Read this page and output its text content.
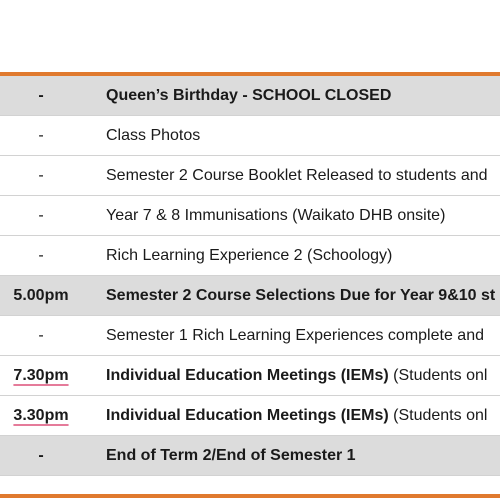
-	Queen’s Birthday - SCHOOL CLOSED
-	Class Photos
-	Semester 2 Course Booklet Released to students and
-	Year 7 & 8 Immunisations (Waikato DHB onsite)
-	Rich Learning Experience 2 (Schoology)
5.00pm	Semester 2 Course Selections Due for Year 9&10 st
-	Semester 1 Rich Learning Experiences complete and
7.30pm	Individual Education Meetings (IEMs) (Students onl
3.30pm	Individual Education Meetings (IEMs) (Students onl
-	End of Term 2/End of Semester 1
